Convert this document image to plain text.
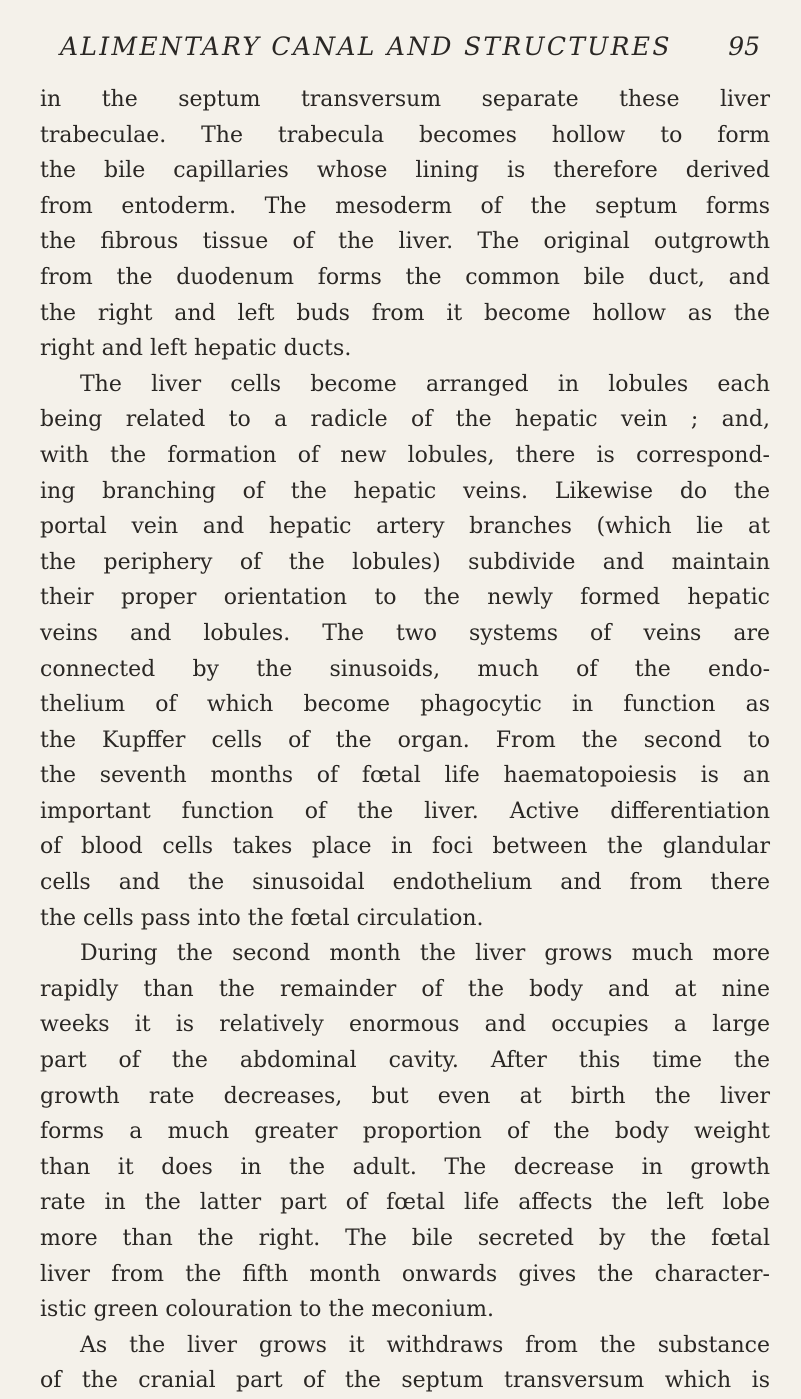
ALIMENTARY CANAL AND STRUCTURES 95
in the septum transversum separate these liver
trabeculae. The trabecula becomes hollow to form
the bile capillaries whose lining is therefore derived
from entoderm. The mesoderm of the septum forms
the fibrous tissue of the liver. The original outgrowth
from the duodenum forms the common bile duct, and
the right and left buds from it become hollow as the
right and left hepatic ducts.
The liver cells become arranged in lobules each
being related to a radicle of the hepatic vein ; and,
with the formation of new lobules, there is correspond-
ing branching of the hepatic veins. Likewise do the
portal vein and hepatic artery branches (which lie at
the periphery of the lobules) subdivide and maintain
their proper orientation to the newly formed hepatic
veins and lobules. The two systems of veins are
connected by the sinusoids, much of the endo-
thelium of which become phagocytic in function as
the Kupffer cells of the organ. From the second to
the seventh months of fœtal life haematopoiesis is an
important function of the liver. Active differentiation
of blood cells takes place in foci between the glandular
cells and the sinusoidal endothelium and from there
the cells pass into the fœtal circulation.
During the second month the liver grows much more
rapidly than the remainder of the body and at nine
weeks it is relatively enormous and occupies a large
part of the abdominal cavity. After this time the
growth rate decreases, but even at birth the liver
forms a much greater proportion of the body weight
than it does in the adult. The decrease in growth
rate in the latter part of fœtal life affects the left lobe
more than the right. The bile secreted by the fœtal
liver from the fifth month onwards gives the character-
istic green colouration to the meconium.
As the liver grows it withdraws from the substance
of the cranial part of the septum transversum which is
